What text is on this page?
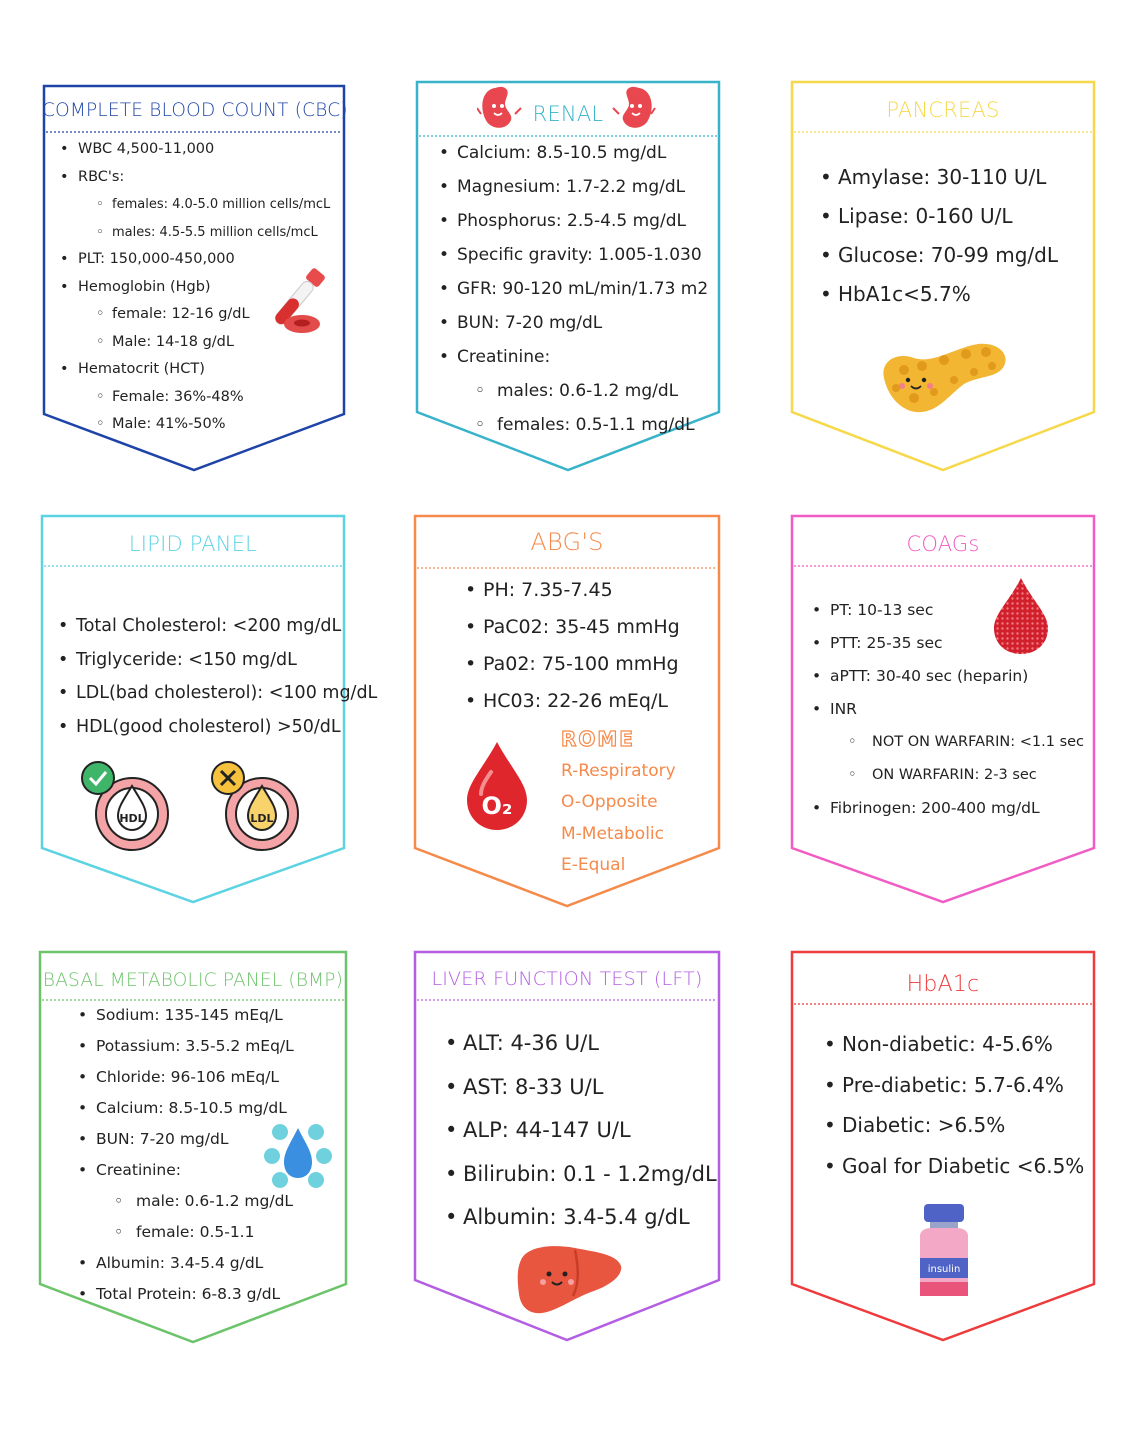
COMPLETE BLOOD COUNT (CBC)
• WBC 4,500-11,000
• RBC's:
◦ females: 4.0-5.0 million cells/mcL
◦ males: 4.5-5.5 million cells/mcL
• PLT: 150,000-450,000
• Hemoglobin (Hgb)
◦ female: 12-16 g/dL
◦ Male: 14-18 g/dL
• Hematocrit (HCT)
◦ Female: 36%-48%
◦ Male: 41%-50%
RENAL
• Calcium: 8.5-10.5 mg/dL
• Magnesium: 1.7-2.2 mg/dL
• Phosphorus: 2.5-4.5 mg/dL
• Specific gravity: 1.005-1.030
• GFR: 90-120 mL/min/1.73 m2
• BUN: 7-20 mg/dL
• Creatinine:
◦ males: 0.6-1.2 mg/dL
◦ females: 0.5-1.1 mg/dL
PANCREAS
• Amylase: 30-110 U/L
• Lipase: 0-160 U/L
• Glucose: 70-99 mg/dL
• HbA1c<5.7%
LIPID PANEL
• Total Cholesterol: <200 mg/dL
• Triglyceride: <150 mg/dL
• LDL(bad cholesterol): <100 mg/dL
• HDL(good cholesterol) >50/dL
HDL	LDL
ABG'S
• PH: 7.35-7.45
• PaC02: 35-45 mmHg
• Pa02: 75-100 mmHg
• HC03: 22-26 mEq/L
O₂
ROME
R-Respiratory
O-Opposite
M-Metabolic
E-Equal
COAGs
• PT: 10-13 sec
• PTT: 25-35 sec
• aPTT: 30-40 sec (heparin)
• INR
◦ NOT ON WARFARIN: <1.1 sec
◦ ON WARFARIN: 2-3 sec
• Fibrinogen: 200-400 mg/dL
BASAL METABOLIC PANEL (BMP)
• Sodium: 135-145 mEq/L
• Potassium: 3.5-5.2 mEq/L
• Chloride: 96-106 mEq/L
• Calcium: 8.5-10.5 mg/dL
• BUN: 7-20 mg/dL
• Creatinine:
◦ male: 0.6-1.2 mg/dL
◦ female: 0.5-1.1
• Albumin: 3.4-5.4 g/dL
• Total Protein: 6-8.3 g/dL
LIVER FUNCTION TEST (LFT)
• ALT: 4-36 U/L
• AST: 8-33 U/L
• ALP: 44-147 U/L
• Bilirubin: 0.1 - 1.2mg/dL
• Albumin: 3.4-5.4 g/dL
HbA1c
• Non-diabetic: 4-5.6%
• Pre-diabetic: 5.7-6.4%
• Diabetic: >6.5%
• Goal for Diabetic <6.5%
insulin
